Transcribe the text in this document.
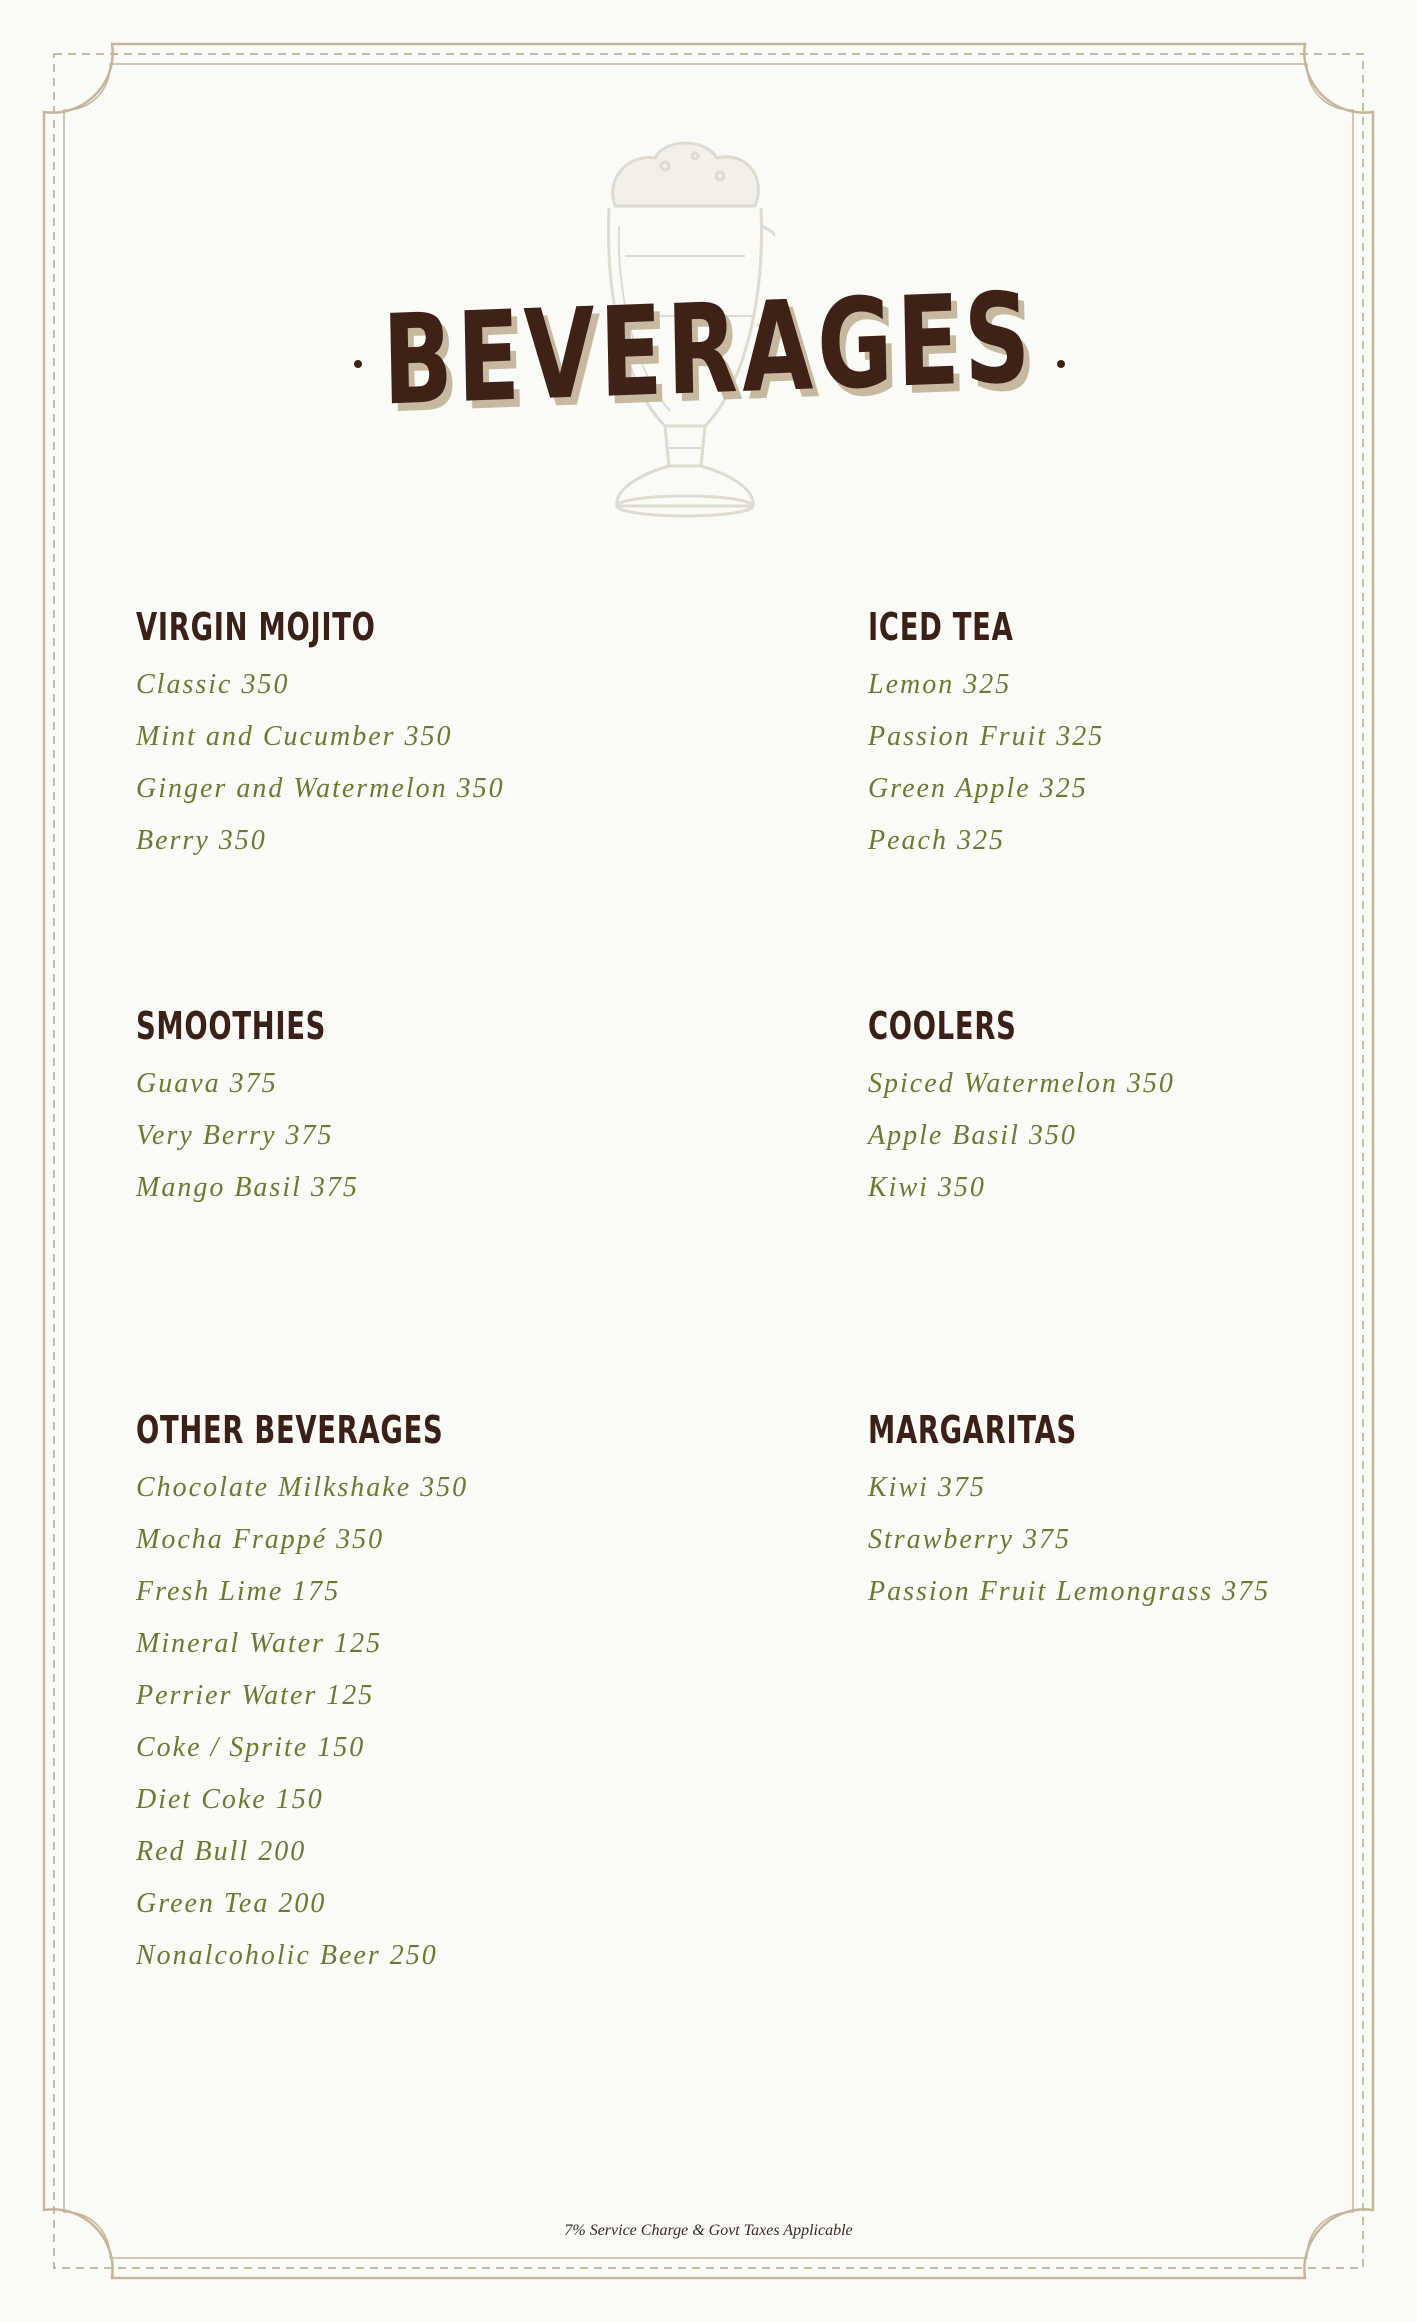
BEVERAGES
VIRGIN MOJITO
Classic 350
Mint and Cucumber 350
Ginger and Watermelon 350
Berry 350
ICED TEA
Lemon 325
Passion Fruit 325
Green Apple 325
Peach 325
SMOOTHIES
Guava 375
Very Berry 375
Mango Basil 375
COOLERS
Spiced Watermelon 350
Apple Basil 350
Kiwi 350
OTHER BEVERAGES
Chocolate Milkshake 350
Mocha Frappé 350
Fresh Lime 175
Mineral Water 125
Perrier Water 125
Coke / Sprite 150
Diet Coke 150
Red Bull 200
Green Tea 200
Nonalcoholic Beer 250
MARGARITAS
Kiwi 375
Strawberry 375
Passion Fruit Lemongrass 375
7% Service Charge & Govt Taxes Applicable
